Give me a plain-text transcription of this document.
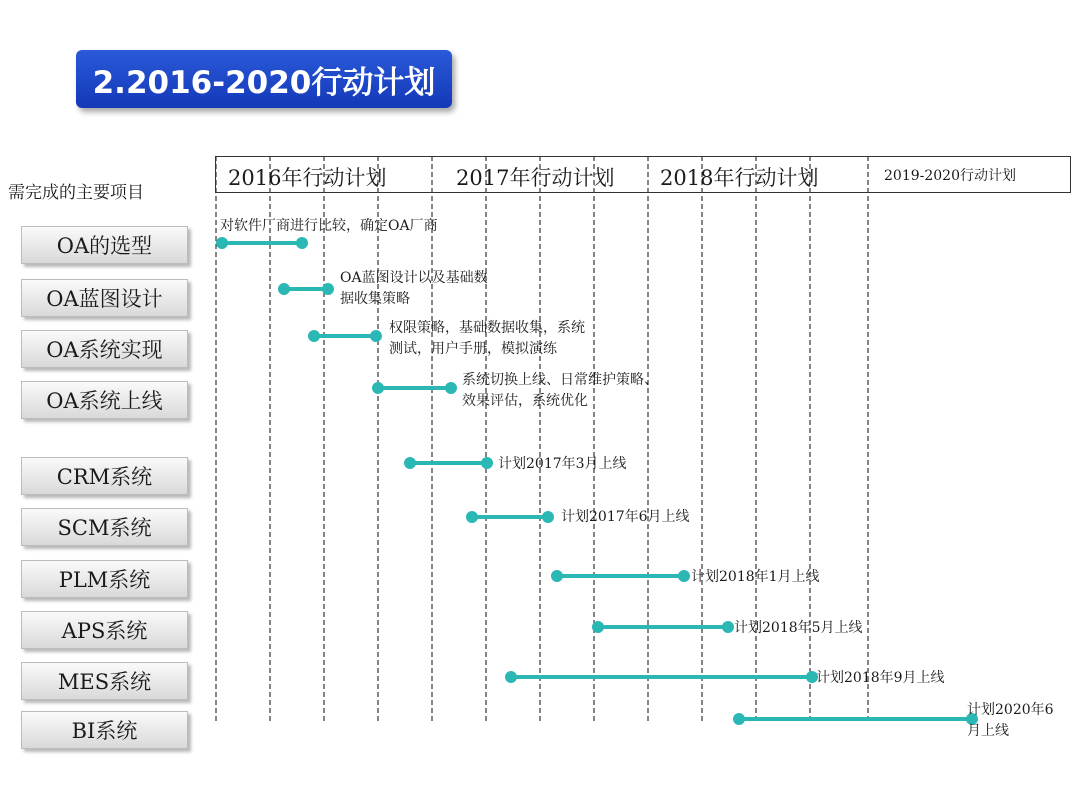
2.2016-2020行动计划
需完成的主要项目
OA的选型
OA蓝图设计
OA系统实现
OA系统上线
CRM系统
SCM系统
PLM系统
APS系统
MES系统
BI系统
2016年行动计划	2017年行动计划 2018年行动计划	2019-2020行动计划
对软件厂商进行比较，确定OA厂商
OA蓝图设计以及基础数
据收集策略
权限策略，基础数据收集，系统
测试，用户手册，模拟演练
系统切换上线、日常维护策略、
效果评估，系统优化
计划2017年3月上线
计划2017年6月上线
计划2018年1月上线
计划2018年5月上线
计划2018年9月上线
计划2020年6
月上线
